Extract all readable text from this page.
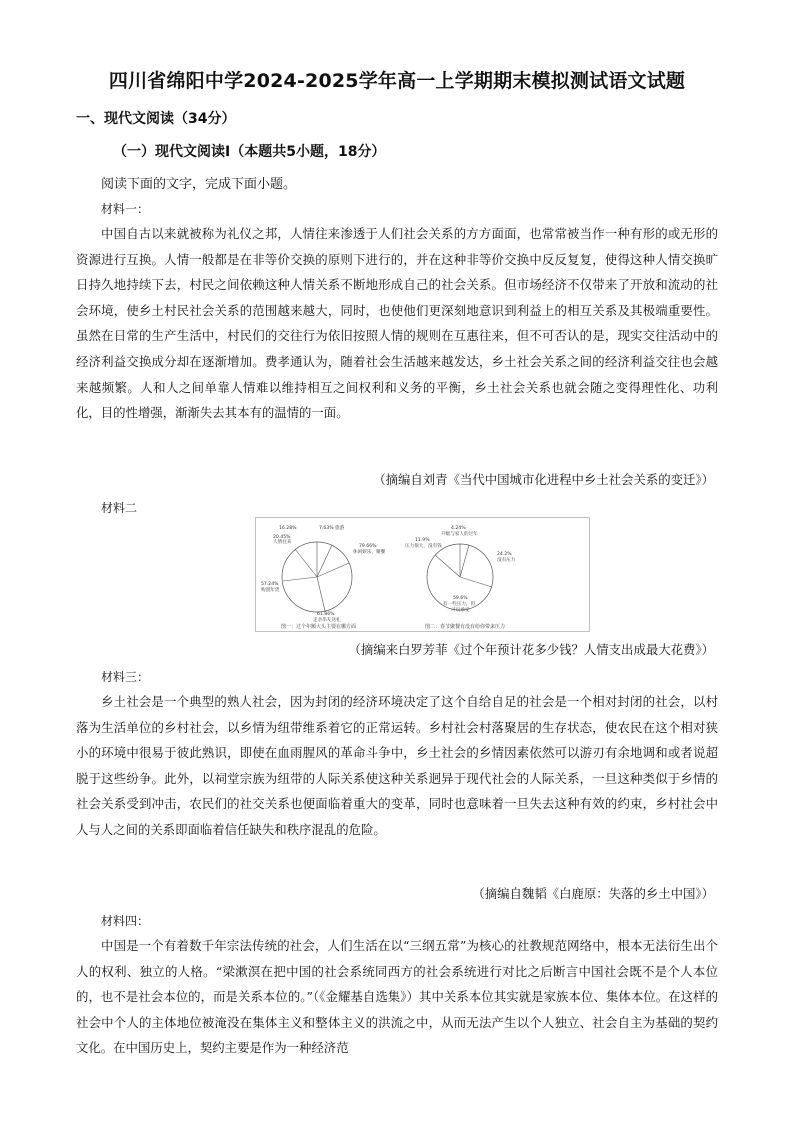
四川省绵阳中学2024-2025学年高一上学期期末模拟测试语文试题
一、现代文阅读（34分）
（一）现代文阅读Ⅰ（本题共5小题，18分）
阅读下面的文字，完成下面小题。
材料一：

中国自古以来就被称为礼仪之邦，人情往来渗透于人们社会关系的方方面面，也常常被当作一种有形的或无形的资源进行互换。人情一般都是在非等价交换的原则下进行的，并在这种非等价交换中反反复复，使得这种人情交换旷日持久地持续下去，村民之间依赖这种人情关系不断地形成自己的社会关系。但市场经济不仅带来了开放和流动的社会环境，使乡土村民社会关系的范围越来越大，同时，也使他们更深刻地意识到利益上的相互关系及其极端重要性。虽然在日常的生产生活中，村民们的交往行为依旧按照人情的规则在互惠往来，但不可否认的是，现实交往活动中的经济利益交换成分却在逐渐增加。费孝通认为，随着社会生活越来越发达，乡土社会关系之间的经济利益交往也会越来越频繁。人和人之间单靠人情难以维持相互之间权利和义务的平衡，乡土社会关系也就会随之变得理性化、功利化，目的性增强，渐渐失去其本有的温情的一面。

（摘编自刘青《当代中国城市化进程中乡土社会关系的变迁》）
材料二
16.28%
20.45%
人情往来
7.63% 旅游
79.66%
休闲娱乐、聚餐
57.24%
购置年货
61.86%
走亲串友送礼
图一：过个年额大头主要在哪方面
4.24%
升级与家人的过年
11.9%
压力很大，没有钱
24.2%
没有压力
59.6%
有一些压力，但
可以承受
图二：春节聚餐有没有给你带来压力
（摘编来白罗芳菲《过个年预计花多少钱？人情支出成最大花费》）
材料三：

乡土社会是一个典型的熟人社会，因为封闭的经济环境决定了这个自给自足的社会是一个相对封闭的社会，以村落为生活单位的乡村社会，以乡情为纽带维系着它的正常运转。乡村社会村落聚居的生存状态，使农民在这个相对狭小的环境中很易于彼此熟识，即使在血雨腥风的革命斗争中，乡土社会的乡情因素依然可以游刃有余地调和或者说超脱于这些纷争。此外，以祠堂宗族为纽带的人际关系使这种关系迥异于现代社会的人际关系，一旦这种类似于乡情的社会关系受到冲击，农民们的社交关系也便面临着重大的变革，同时也意味着一旦失去这种有效的约束，乡村社会中人与人之间的关系即面临着信任缺失和秩序混乱的危险。

（摘编自魏韬《白鹿原：失落的乡土中国》）
材料四：

中国是一个有着数千年宗法传统的社会，人们生活在以“三纲五常”为核心的社教规范网络中，根本无法衍生出个人的权利、独立的人格。“梁漱溟在把中国的社会系统同西方的社会系统进行对比之后断言中国社会既不是个人本位的，也不是社会本位的，而是关系本位的。”（《金耀基自选集》）其中关系本位其实就是家族本位、集体本位。在这样的社会中个人的主体地位被淹没在集体主义和整体主义的洪流之中，从而无法产生以个人独立、社会自主为基础的契约文化。在中国历史上，契约主要是作为一种经济范
